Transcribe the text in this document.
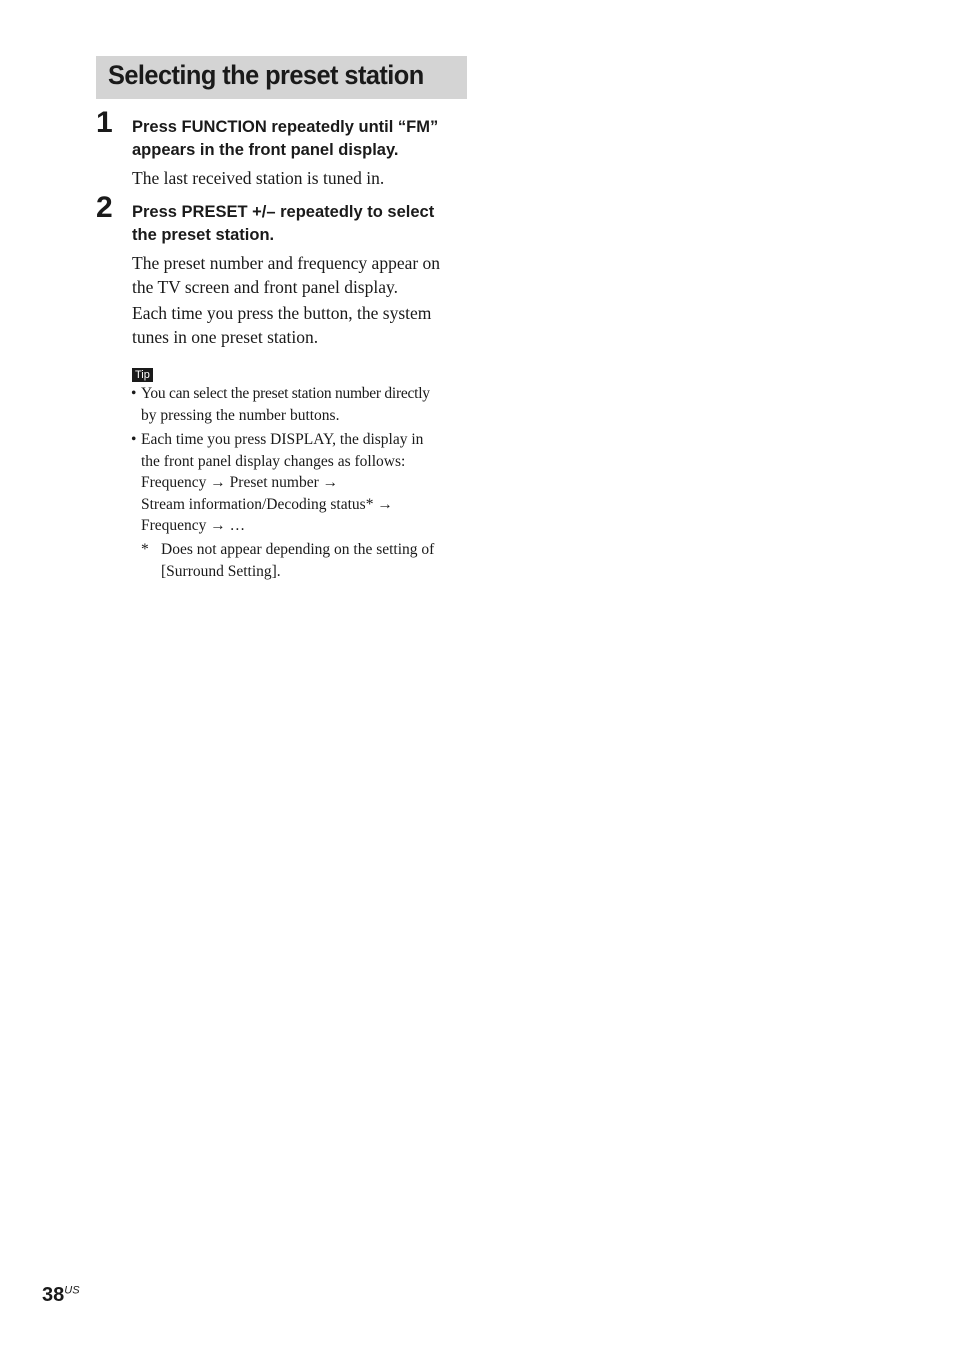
Selecting the preset station
1 Press FUNCTION repeatedly until “FM”
appears in the front panel display.
The last received station is tuned in.
2 Press PRESET +/– repeatedly to select
the preset station.
The preset number and frequency appear on
the TV screen and front panel display.
Each time you press the button, the system
tunes in one preset station.
Tip
• You can select the preset station number directly
by pressing the number buttons.
• Each time you press DISPLAY, the display in
the front panel display changes as follows:
Frequency → Preset number →
Stream information/Decoding status* →
Frequency → …
* Does not appear depending on the setting of
[Surround Setting].
$38^{US}$
